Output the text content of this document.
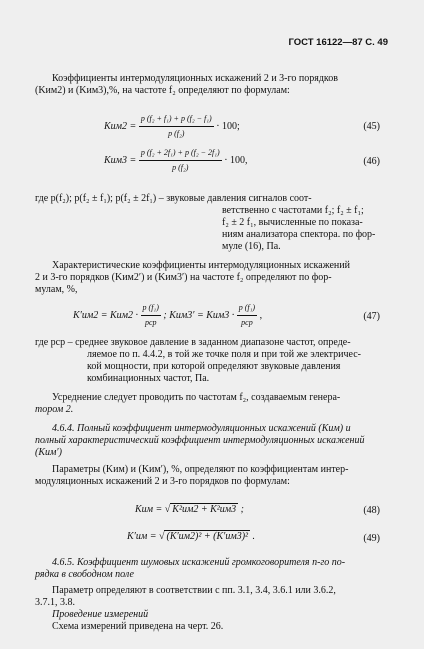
ГОСТ 16122—87 С. 49
Коэффициенты интермодуляционных искажений 2 и 3-го порядков
(Kим2) и (Kим3),%, на частоте f₂ определяют по формулам:
$Kим2 = \frac{\text{p (f₂ + f₁) + p (f₂ − f₁)}}{\text{p (f₂)}} \cdot 100$;	(45)
$Kим3 = \frac{\text{p (f₂ + 2f₁) + p (f₂ − 2f₁)}}{\text{p (f₂)}} \cdot 100$,	(46)
где p(f₂); p(f₂ ± f₁); p(f₂ ± 2f₁) – звуковые давления сигналов соот-
ветственно с частотами f₂; f₂ ± f₁;
f₂ ± 2 f₁, вычисленные по показа-
ниям анализатора спектора. по фор-
муле (16), Па.
Характеристические коэффициенты интермодуляционных искажений
2 и 3-го порядков (Kим2′) и (Kим3′) на частоте f₂ определяют по фор-
мулам, %,
$K'им2 = Kим2 \cdot \frac{\text{p (f₁)}}{\text{pср}}$ ; $Kим3' = Kим3 \cdot \frac{\text{p (f₁)}}{\text{pср}}$ ,	(47)
где pср – среднее звуковое давление в заданном диапазоне частот, опреде-
ляемое по п. 4.4.2, в той же точке поля и при той же электричес-
кой мощности, при которой определяют звуковые давления
комбинационных частот, Па.
Усреднение следует проводить по частотам f₂, создаваемым генера-
тором 2.
4.6.4. Полный коэффициент интермодуляционных искажений (Kим) и
полный характеристический коэффициент интермодуляционных искажений
(Kим′)
Параметры (Kим) и (Kим′), %, определяют по коэффициентам интер-
модуляционных искажений 2 и 3-го порядков по формулам:
Kим = √ K²им2 + K²им3 ;	(48)
K′им = √ (K′им2)² + (K′им3)² .	(49)
4.6.5. Коэффициент шумовых искажений громкоговорителя n-го по-
рядка в свободном поле
Параметр определяют в соответствии с пп. 3.1, 3.4, 3.6.1 или 3.6.2,
3.7.1, 3.8.
Проведение измерений
Схема измерений приведена на черт. 26.
